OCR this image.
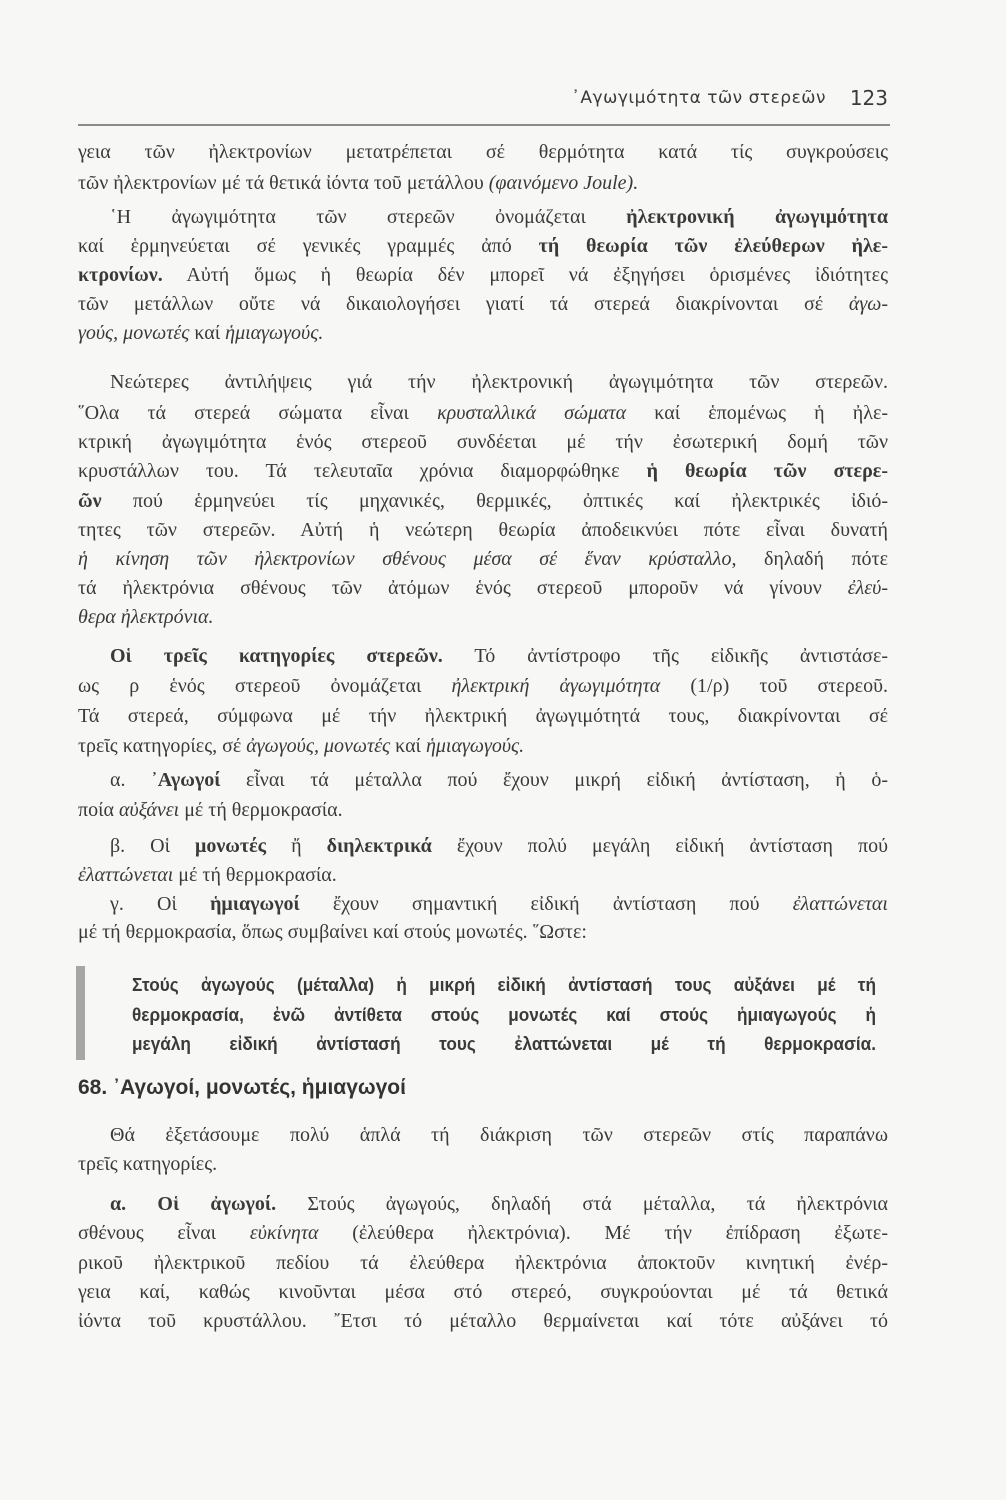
᾿Αγωγιμότητα τῶν στερεῶν 123
γεια τῶν ἠλεκτρονίων μετατρέπεται σέ θερμότητα κατά τίς συγκρούσεις
τῶν ἠλεκτρονίων μέ τά θετικά ἰόντα τοῦ μετάλλου (φαινόμενο Joule).
῾Η ἀγωγιμότητα τῶν στερεῶν ὀνομάζεται ἠλεκτρονική ἀγωγιμότητα
καί ἑρμηνεύεται σέ γενικές γραμμές ἀπό τή θεωρία τῶν ἐλεύθερων ἠλε-
κτρονίων. Αὐτή ὅμως ἡ θεωρία δέν μπορεῖ νά ἐξηγήσει ὁρισμένες ἰδιότητες
τῶν μετάλλων οὔτε νά δικαιολογήσει γιατί τά στερεά διακρίνονται σέ ἀγω-
γούς, μονωτές καί ἡμιαγωγούς.
Νεώτερες ἀντιλήψεις γιά τήν ἠλεκτρονική ἀγωγιμότητα τῶν στερεῶν.
῞Ολα τά στερεά σώματα εἶναι κρυσταλλικά σώματα καί ἑπομένως ἡ ἠλε-
κτρική ἀγωγιμότητα ἑνός στερεοῦ συνδέεται μέ τήν ἐσωτερική δομή τῶν
κρυστάλλων του. Τά τελευταῖα χρόνια διαμορφώθηκε ἡ θεωρία τῶν στερε-
ῶν πού ἑρμηνεύει τίς μηχανικές, θερμικές, ὀπτικές καί ἠλεκτρικές ἰδιό-
τητες τῶν στερεῶν. Αὐτή ἡ νεώτερη θεωρία ἀποδεικνύει πότε εἶναι δυνατή
ἡ κίνηση τῶν ἠλεκτρονίων σθένους μέσα σέ ἕναν κρύσταλλο, δηλαδή πότε
τά ἠλεκτρόνια σθένους τῶν ἀτόμων ἑνός στερεοῦ μποροῦν νά γίνουν ἐλεύ-
θερα ἠλεκτρόνια.
Οἱ τρεῖς κατηγορίες στερεῶν. Τό ἀντίστροφο τῆς εἰδικῆς ἀντιστάσε-
ως ρ ἑνός στερεοῦ ὀνομάζεται ἠλεκτρική ἀγωγιμότητα (1/ρ) τοῦ στερεοῦ.
Τά στερεά, σύμφωνα μέ τήν ἠλεκτρική ἀγωγιμότητά τους, διακρίνονται σέ
τρεῖς κατηγορίες, σέ ἀγωγούς, μονωτές καί ἡμιαγωγούς.
α. ᾿Αγωγοί εἶναι τά μέταλλα πού ἔχουν μικρή εἰδική ἀντίσταση, ἡ ὁ-
ποία αὐξάνει μέ τή θερμοκρασία.
β. Οἱ μονωτές ἤ διηλεκτρικά ἔχουν πολύ μεγάλη εἰδική ἀντίσταση πού
ἐλαττώνεται μέ τή θερμοκρασία.
γ. Οἱ ἡμιαγωγοί ἔχουν σημαντική εἰδική ἀντίσταση πού ἐλαττώνεται
μέ τή θερμοκρασία, ὅπως συμβαίνει καί στούς μονωτές. ῞Ωστε:
Θά ἐξετάσουμε πολύ ἁπλά τή διάκριση τῶν στερεῶν στίς παραπάνω
τρεῖς κατηγορίες.
α. Οἱ ἀγωγοί. Στούς ἀγωγούς, δηλαδή στά μέταλλα, τά ἠλεκτρόνια
σθένους εἶναι εὐκίνητα (ἐλεύθερα ἠλεκτρόνια). Μέ τήν ἐπίδραση ἐξωτε-
ρικοῦ ἠλεκτρικοῦ πεδίου τά ἐλεύθερα ἠλεκτρόνια ἀποκτοῦν κινητική ἐνέρ-
γεια καί, καθώς κινοῦνται μέσα στό στερεό, συγκρούονται μέ τά θετικά
ἰόντα τοῦ κρυστάλλου. ῎Ετσι τό μέταλλο θερμαίνεται καί τότε αὐξάνει τό
Στούς ἀγωγούς (μέταλλα) ἡ μικρή εἰδική ἀντίστασή τους αὐξάνει μέ τή
θερμοκρασία, ἐνῶ ἀντίθετα στούς μονωτές καί στούς ἡμιαγωγούς ἡ
μεγάλη εἰδική ἀντίστασή τους ἐλαττώνεται μέ τή θερμοκρασία.
68. ᾿Αγωγοί, μονωτές, ἡμιαγωγοί
